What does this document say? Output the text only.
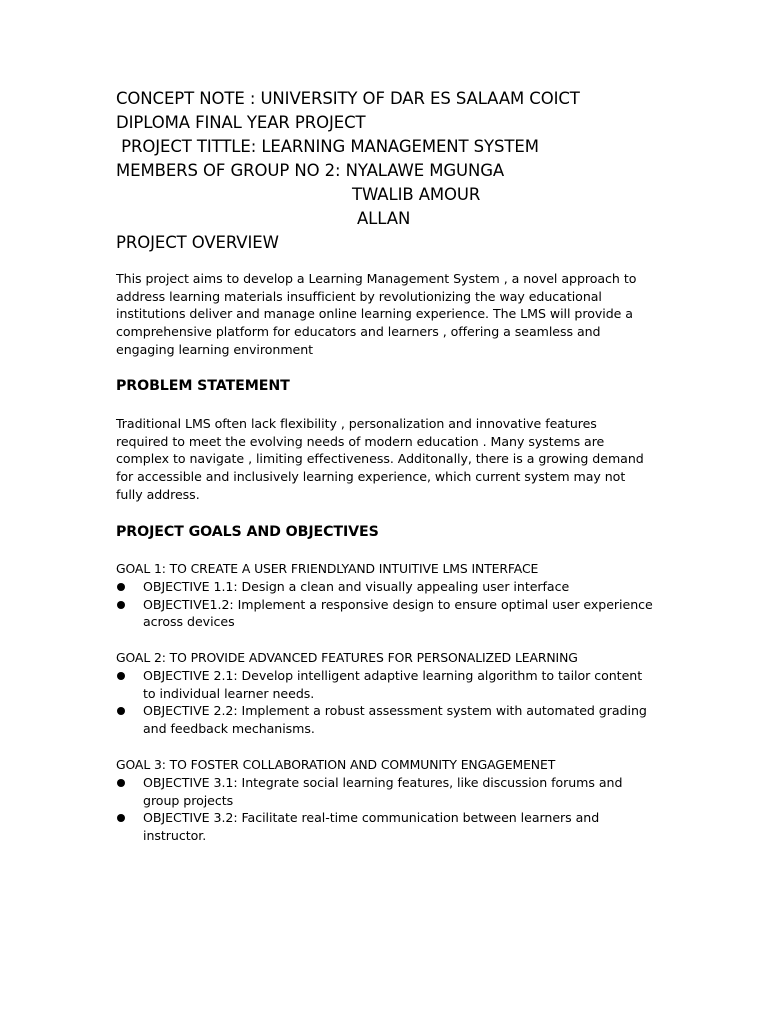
CONCEPT NOTE : UNIVERSITY OF DAR ES SALAAM COICT
DIPLOMA FINAL YEAR PROJECT
PROJECT TITTLE: LEARNING MANAGEMENT SYSTEM
MEMBERS OF GROUP NO 2: NYALAWE MGUNGA
TWALIB AMOUR
ALLAN
PROJECT OVERVIEW

This project aims to develop a Learning Management System , a novel approach to address learning materials insufficient by revolutionizing the way educational institutions deliver and manage online learning experience. The LMS will provide a comprehensive platform for educators and learners , offering a seamless and engaging learning environment

PROBLEM STATEMENT

Traditional LMS often lack flexibility , personalization and innovative features required to meet the evolving needs of modern education . Many systems are complex to navigate , limiting effectiveness. Additonally, there is a growing demand for accessible and inclusively learning experience, which current system may not fully address.

PROJECT GOALS AND OBJECTIVES
GOAL 1: TO CREATE A USER FRIENDLYAND INTUITIVE LMS INTERFACE
OBJECTIVE 1.1: Design a clean and visually appealing user interface
OBJECTIVE1.2: Implement a responsive design to ensure optimal user experience across devices
GOAL 2: TO PROVIDE ADVANCED FEATURES FOR PERSONALIZED LEARNING
OBJECTIVE 2.1: Develop intelligent adaptive learning algorithm to tailor content to individual learner needs.
OBJECTIVE 2.2: Implement a robust assessment system with automated grading and feedback mechanisms.
GOAL 3: TO FOSTER COLLABORATION AND COMMUNITY ENGAGEMENET
OBJECTIVE 3.1: Integrate social learning features, like discussion forums and group projects
OBJECTIVE 3.2: Facilitate real-time communication between learners and instructor.
